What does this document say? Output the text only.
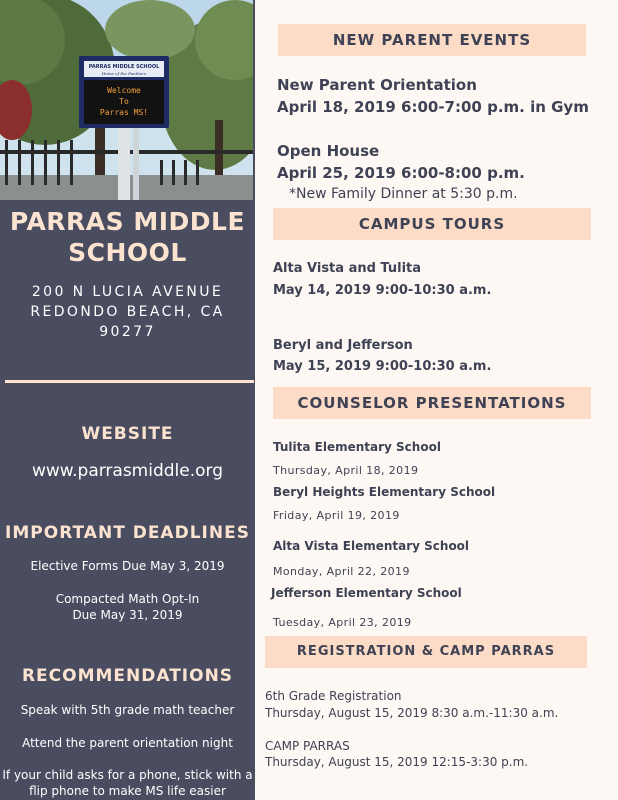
PARRAS MIDDLE SCHOOL
Home of the Panthers
Welcome
To
Parras MS!
PARRAS MIDDLE
SCHOOL
200 N LUCIA AVENUE
REDONDO BEACH, CA
90277
WEBSITE
www.parrasmiddle.org
IMPORTANT DEADLINES
Elective Forms Due May 3, 2019
Compacted Math Opt-In
Due May 31, 2019
RECOMMENDATIONS
Speak with 5th grade math teacher
Attend the parent orientation night
If your child asks for a phone, stick with a
flip phone to make MS life easier
NEW PARENT EVENTS
New Parent Orientation
April 18, 2019 6:00-7:00 p.m. in Gym
Open House
April 25, 2019 6:00-8:00 p.m.
*New Family Dinner at 5:30 p.m.
CAMPUS TOURS
Alta Vista and Tulita
May 14, 2019 9:00-10:30 a.m.
Beryl and Jefferson
May 15, 2019 9:00-10:30 a.m.
COUNSELOR PRESENTATIONS
Tulita Elementary School
Thursday, April 18, 2019
Beryl Heights Elementary School
Friday, April 19, 2019
Alta Vista Elementary School
Monday, April 22, 2019
Jefferson Elementary School
Tuesday, April 23, 2019
REGISTRATION & CAMP PARRAS
6th Grade Registration
Thursday, August 15, 2019 8:30 a.m.-11:30 a.m.
CAMP PARRAS
Thursday, August 15, 2019 12:15-3:30 p.m.
